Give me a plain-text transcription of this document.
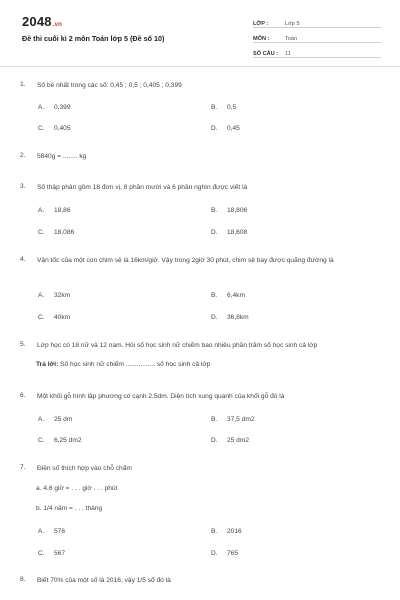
2048.vn
Đề thi cuối kì 2 môn Toán lớp 5 (Đề số 10)
LỚP :	Lớp 5
MÔN :	Toán
SỐ CÂU :	11
1.	Số bé nhất trong các số: 0,45 ; 0,5 ; 0,405 ; 0,399
A. 0,399	B. 0,5
C. 0,405	D. 0,45
2.	5840g = ........ kg
3.	Số thập phân gồm 18 đơn vị, 8 phần mười và 6 phần nghìn được viết là
A. 18,86	B. 18,806
C. 18,086	D. 18,608
4.	Vận tốc của một con chim sẻ là 16km/giờ. Vậy trong 2giờ 30 phút, chim sẻ bay được quãng đường là
A. 32km	B. 6,4km
C. 40km	D. 36,8km
5.	Lớp học có 18 nữ và 12 nam. Hỏi số học sinh nữ chiếm bao nhiêu phần trăm số học sinh cả lớp
Trả lời: Số học sinh nữ chiếm ................ số học sinh cả lớp
6.	Một khối gỗ hình lập phương có cạnh 2,5dm. Diện tích xung quanh của khối gỗ đó là
A. 25 dm	B. 37,5 dm2
C. 6,25 dm2	D. 25 dm2
7.	Điền số thích hợp vào chỗ chấm
a. 4,6 giờ = . . . giờ . . . phút
b. 1/4 năm = . . . tháng
A. 576	B. 2016
C. 567	D. 765
8.	Biết 70% của một số là 2016, vậy 1/5 số đó là
